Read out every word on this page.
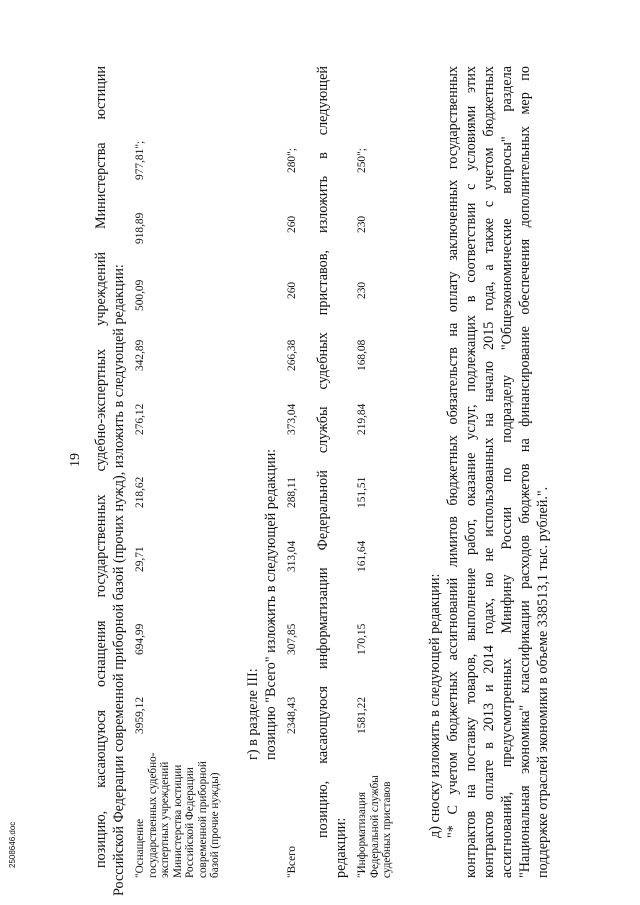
19 позицию, касающуюся оснащения государственных судебно-экспертных учреждений Министерства юстиции Российской Федерации современной приборной базой (прочих нужд), изложить в следующей редакции: "Оснащение государственных судебно- экспертных учреждений Министерства юстиции Российской Федерации современной приборной базой (прочие нужды)
3959,12
694,99
29,71
218,62
276,12
342,89
500,09
918,89
977,81";
г) в разделе III: позицию "Всего" изложить в следующей редакции:
"Всего
2348,43
307,85
313,04
288,11
373,04
266,38
260
260
280"; позицию, касающуюся информатизации Федеральной службы судебных приставов, изложить в следующей
редакции: "Информатизация Федеральной службы судебных приставов
1581,22
170,15
161,64
151,51
219,84
168,08
230
230
250";
д) сноску изложить в следующей редакции: "* С учетом бюджетных ассигнований лимитов бюджетных обязательств на оплату заключенных государственных контрактов на поставку товаров, выполнение работ, оказание услуг, подлежащих в соответствии с условиями этих контрактов оплате в 2013 и 2014 годах, но не использованных на начало 2015 года, а также с учетом бюджетных ассигнований, предусмотренных Минфину России по подразделу "Общеэкономические вопросы" раздела "Национальная экономика" классификации расходов бюджетов на финансирование обеспечения дополнительных мер по поддержке отраслей экономики в объеме 338513,1 тыс. рублей.".
2508646.doc
